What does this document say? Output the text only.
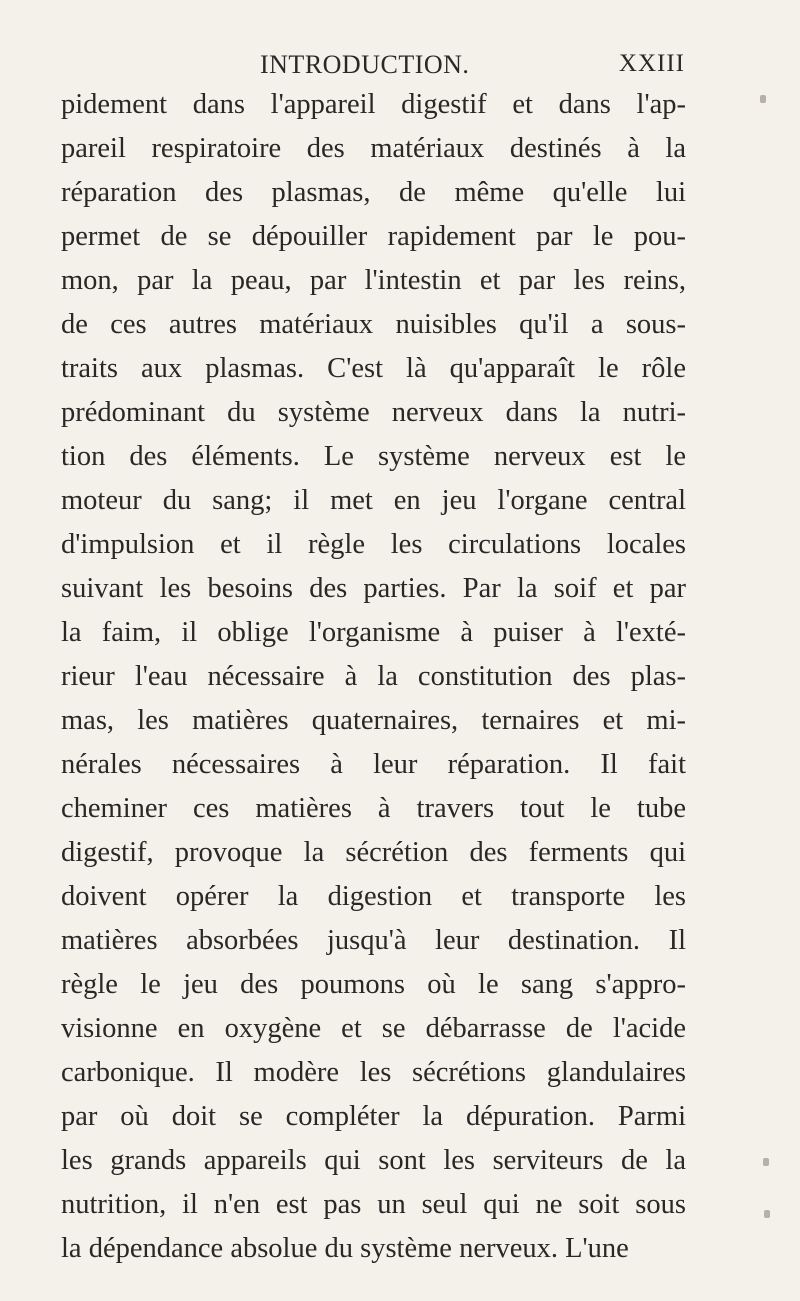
INTRODUCTION.	XXIII
pidement dans l'appareil digestif et dans l'ap-
pareil respiratoire des matériaux destinés à la
réparation des plasmas, de même qu'elle lui
permet de se dépouiller rapidement par le pou-
mon, par la peau, par l'intestin et par les reins,
de ces autres matériaux nuisibles qu'il a sous-
traits aux plasmas. C'est là qu'apparaît le rôle
prédominant du système nerveux dans la nutri-
tion des éléments. Le système nerveux est le
moteur du sang; il met en jeu l'organe central
d'impulsion et il règle les circulations locales
suivant les besoins des parties. Par la soif et par
la faim, il oblige l'organisme à puiser à l'exté-
rieur l'eau nécessaire à la constitution des plas-
mas, les matières quaternaires, ternaires et mi-
nérales nécessaires à leur réparation. Il fait
cheminer ces matières à travers tout le tube
digestif, provoque la sécrétion des ferments qui
doivent opérer la digestion et transporte les
matières absorbées jusqu'à leur destination. Il
règle le jeu des poumons où le sang s'appro-
visionne en oxygène et se débarrasse de l'acide
carbonique. Il modère les sécrétions glandulaires
par où doit se compléter la dépuration. Parmi
les grands appareils qui sont les serviteurs de la
nutrition, il n'en est pas un seul qui ne soit sous
la dépendance absolue du système nerveux. L'une
